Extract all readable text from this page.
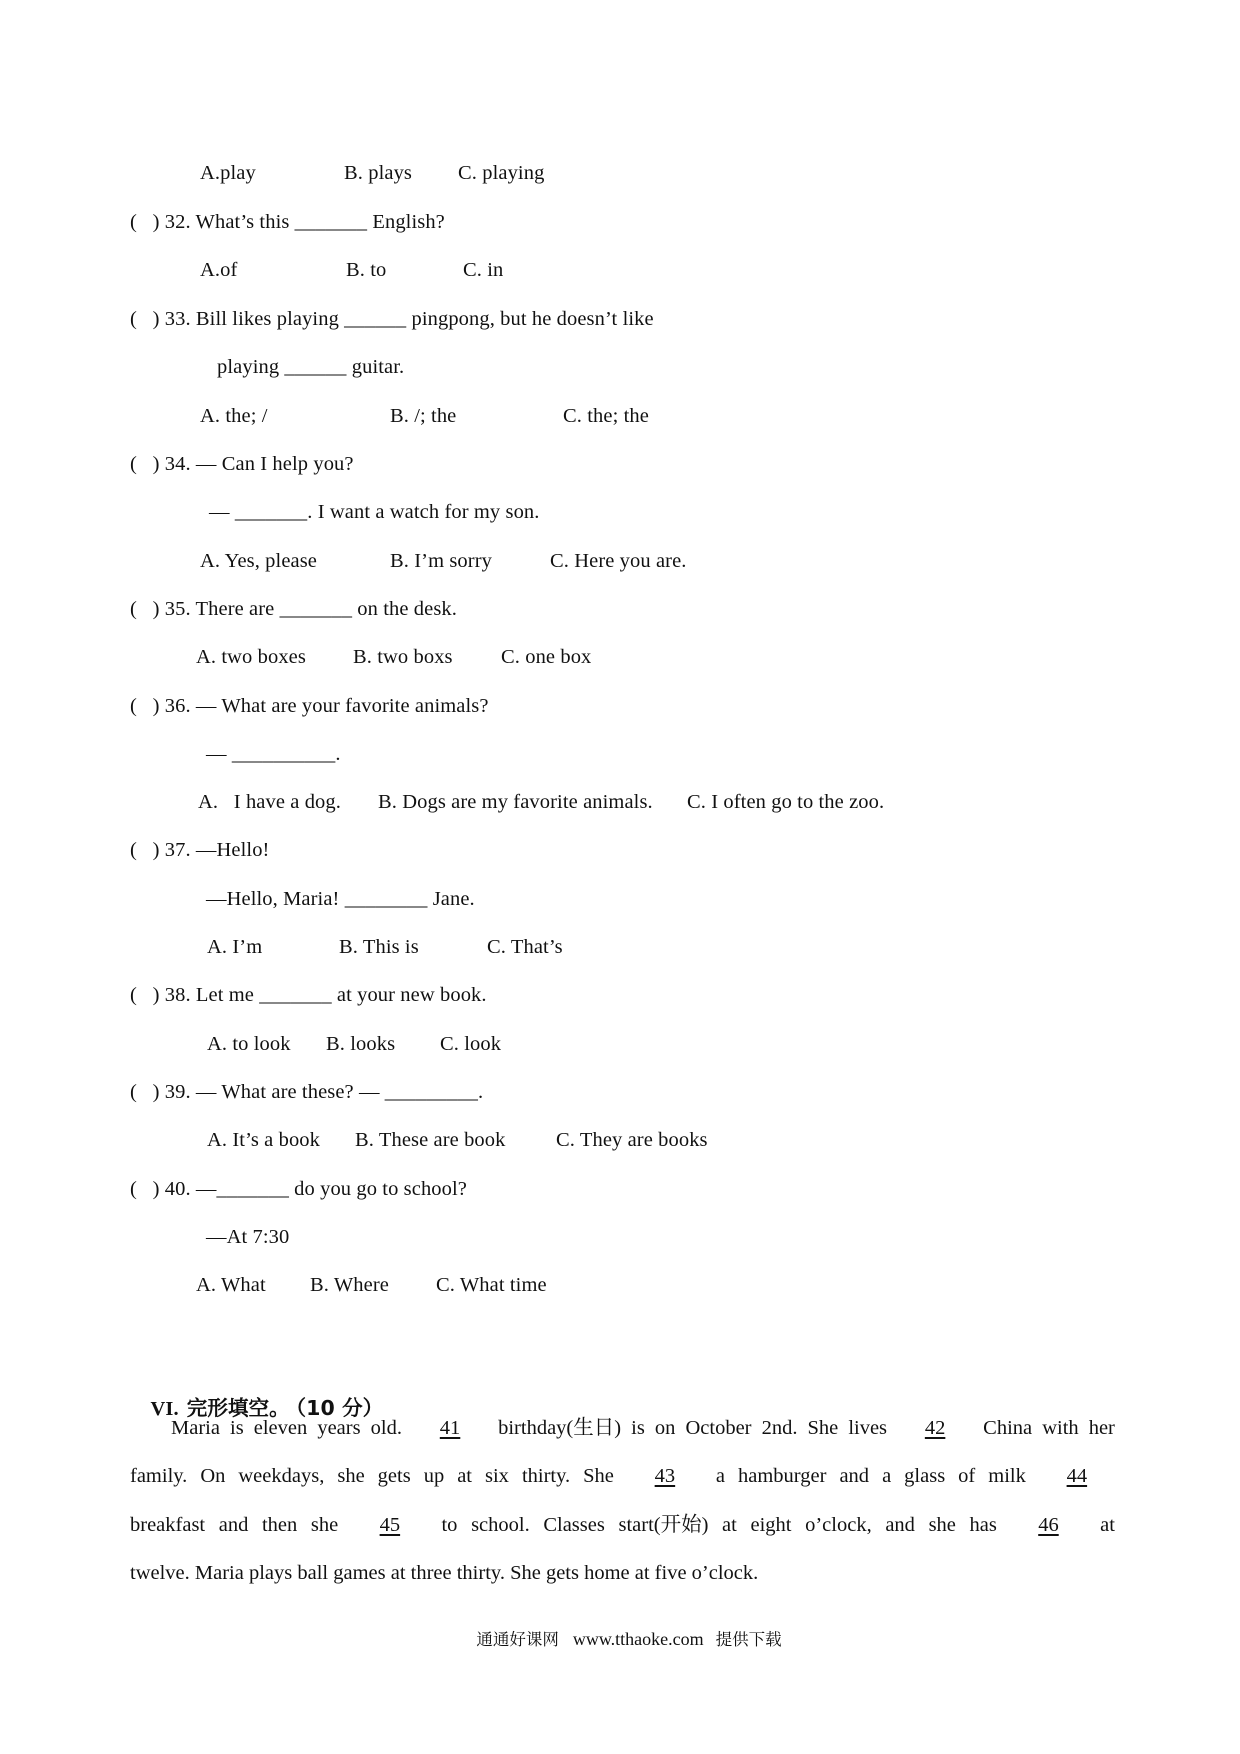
A.play	B. plays C. playing
(   ) 32. What’s this _______ English?
A.of	B. to	C. in
(   ) 33. Bill likes playing ______ pingpong, but he doesn’t like
playing ______ guitar.
A. the; /	B. /; the	C. the; the
(   ) 34. — Can I help you?
— _______. I want a watch for my son.
A. Yes, please	B. I’m sorry	C. Here you are.
(   ) 35. There are _______ on the desk.
A. two boxes B. two boxs C. one box
(   ) 36. — What are your favorite animals?
— __________.
A.   I have a dog. B. Dogs are my favorite animals. C. I often go to the zoo.
(   ) 37. —Hello!
—Hello, Maria! ________ Jane.
A. I’m	B. This is	C. That’s
(   ) 38. Let me _______ at your new book.
A. to look B. looks C. look
(   ) 39. — What are these? — _________.
A. It’s a book B. These are book C. They are books
(   ) 40. —_______ do you go to school?
—At 7:30
A. What B. Where C. What time

VI. 完形填空。 （10 分）

Maria is eleven years old.	41	birthday(生日) is on October 2nd. She lives	42	China with her
family. On weekdays, she gets up at six thirty. She	43	a hamburger and a glass of milk	44
breakfast and then she	45	to school. Classes start(开始) at eight o’clock, and she has	46	at
twelve. Maria plays ball games at three thirty. She gets home at five o’clock.

通通好课网 www.tthaoke.com 提供下载
